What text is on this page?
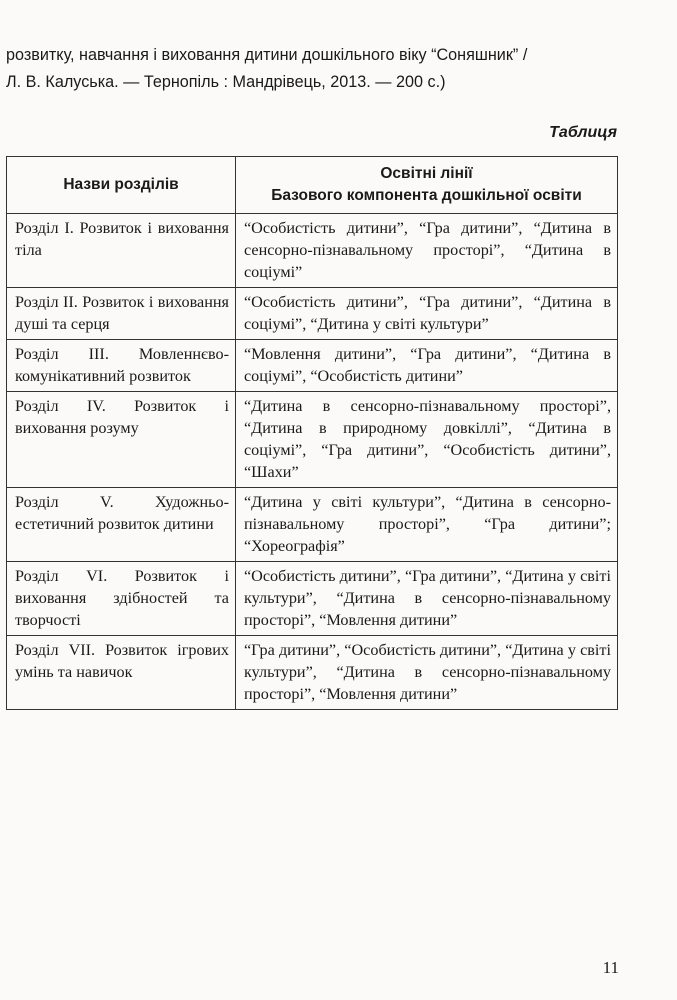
розвитку, навчання і виховання дитини дошкільного віку “Соняшник” /

Л. В. Калуська. — Тернопіль : Мандрівець, 2013. — 200 с.)

Таблиця
Назви розділів	Освітні лінії
Базового компонента дошкільної освіти

Розділ І. Розвиток і виховання тіла	“Особистість дитини”, “Гра дитини”, “Дитина в сенсорно-пізнавальному просторі”, “Дитина в соціумі”
Розділ ІІ. Розвиток і виховання душі та серця	“Особистість дитини”, “Гра дитини”, “Дитина в соціумі”, “Дитина у світі культури”
Розділ ІІІ. Мовленнєво-комунікативний розвиток	“Мовлення дитини”, “Гра дитини”, “Дитина в соціумі”, “Особистість дитини”
Розділ IV. Розвиток і виховання розуму	“Дитина в сенсорно-пізнавальному просторі”, “Дитина в природному довкіллі”, “Дитина в соціумі”, “Гра дитини”, “Особистість дитини”, “Шахи”
Розділ V. Художньо-естетичний розвиток дитини	“Дитина у світі культури”, “Дитина в сенсорно-пізнавальному просторі”, “Гра дитини”; “Хореографія”
Розділ VI. Розвиток і виховання здібностей та творчості	“Особистість дитини”, “Гра дитини”, “Дитина у світі культури”, “Дитина в сенсорно-пізнавальному просторі”, “Мовлення дитини”
Розділ VII. Розвиток ігрових умінь та навичок	“Гра дитини”, “Особистість дитини”, “Дитина у світі культури”, “Дитина в сенсорно-пізнавальному просторі”, “Мовлення дитини”
11
